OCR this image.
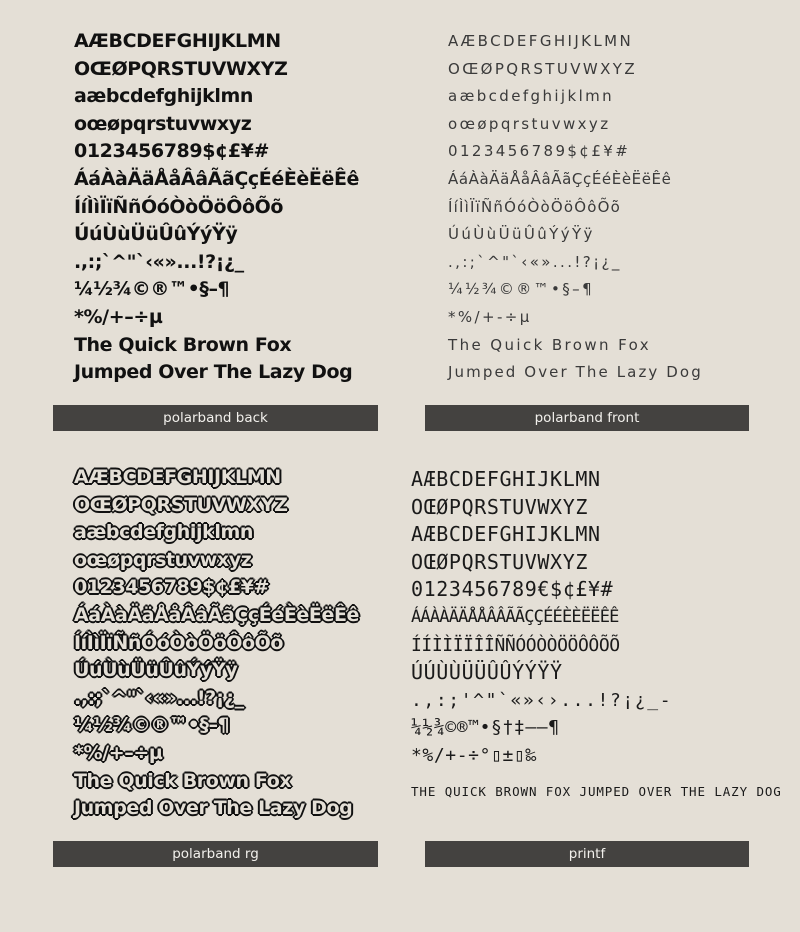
AÆBCDEFGHIJKLMN
OŒØPQRSTUVWXYZ
aæbcdefghijklmn
oœøpqrstuvwxyz
0123456789$¢£¥#
ÁáÀàÄäÅåÂâÃãÇçÉéÈèËëÊê
ÍíÌìÏïÑñÓóÒòÖöÔôÕõ
ÚúÙùÜüÛûÝýŸÿ
.,:;`^"`‹«»...!?¡¿_
¼½¾©®™•§–¶
*%/+–÷µ
The Quick Brown Fox
Jumped Over The Lazy Dog
polarband back
AÆBCDEFGHIJKLMN
OŒØPQRSTUVWXYZ
aæbcdefghijklmn
oœøpqrstuvwxyz
0123456789$¢£¥#
ÁáÀàÄäÅåÂâÃãÇçÉéÈèËëÊê
ÍíÌìÏïÑñÓóÒòÖöÔôÕõ
ÚúÙùÜüÛûÝýŸÿ
.,:;`^"`‹«»...!?¡¿_
¼½¾©®™•§–¶
*%/+-÷µ
The Quick Brown Fox
Jumped Over The Lazy Dog
polarband front
AÆBCDEFGHIJKLMN
OŒØPQRSTUVWXYZ
aæbcdefghijklmn
oœøpqrstuvwxyz
0123456789$¢£¥#
ÁáÀàÄäÅåÂâÃãÇçÉéÈèËëÊê
ÍíÌìÏïÑñÓóÒòÖöÔôÕõ
ÚúÙùÜüÛûÝýŸÿ
.,:;`^"`‹«»...!?¡¿_
¼½¾©®™•§–¶
*%/+–÷µ
The Quick Brown Fox
Jumped Over The Lazy Dog
polarband rg
AÆBCDEFGHIJKLMN
OŒØPQRSTUVWXYZ
AÆBCDEFGHIJKLMN
OŒØPQRSTUVWXYZ
0123456789€$¢£¥#
ÁÁÀÀÄÄÅÅÂÂÃÃÇÇÉÉÈÈËËÊÊ
ÍÍÌÌÏÏÎÎÑÑÓÓÒÒÖÖÔÔÕÕ
ÚÚÙÙÜÜÛÛÝÝŸŸ
.,:;'^"`«»‹›...!?¡¿_-
¼½¾©®™•§†‡––¶
*%/+-÷°▯±▯‰
THE QUICK BROWN FOX JUMPED OVER THE LAZY DOG
printf
